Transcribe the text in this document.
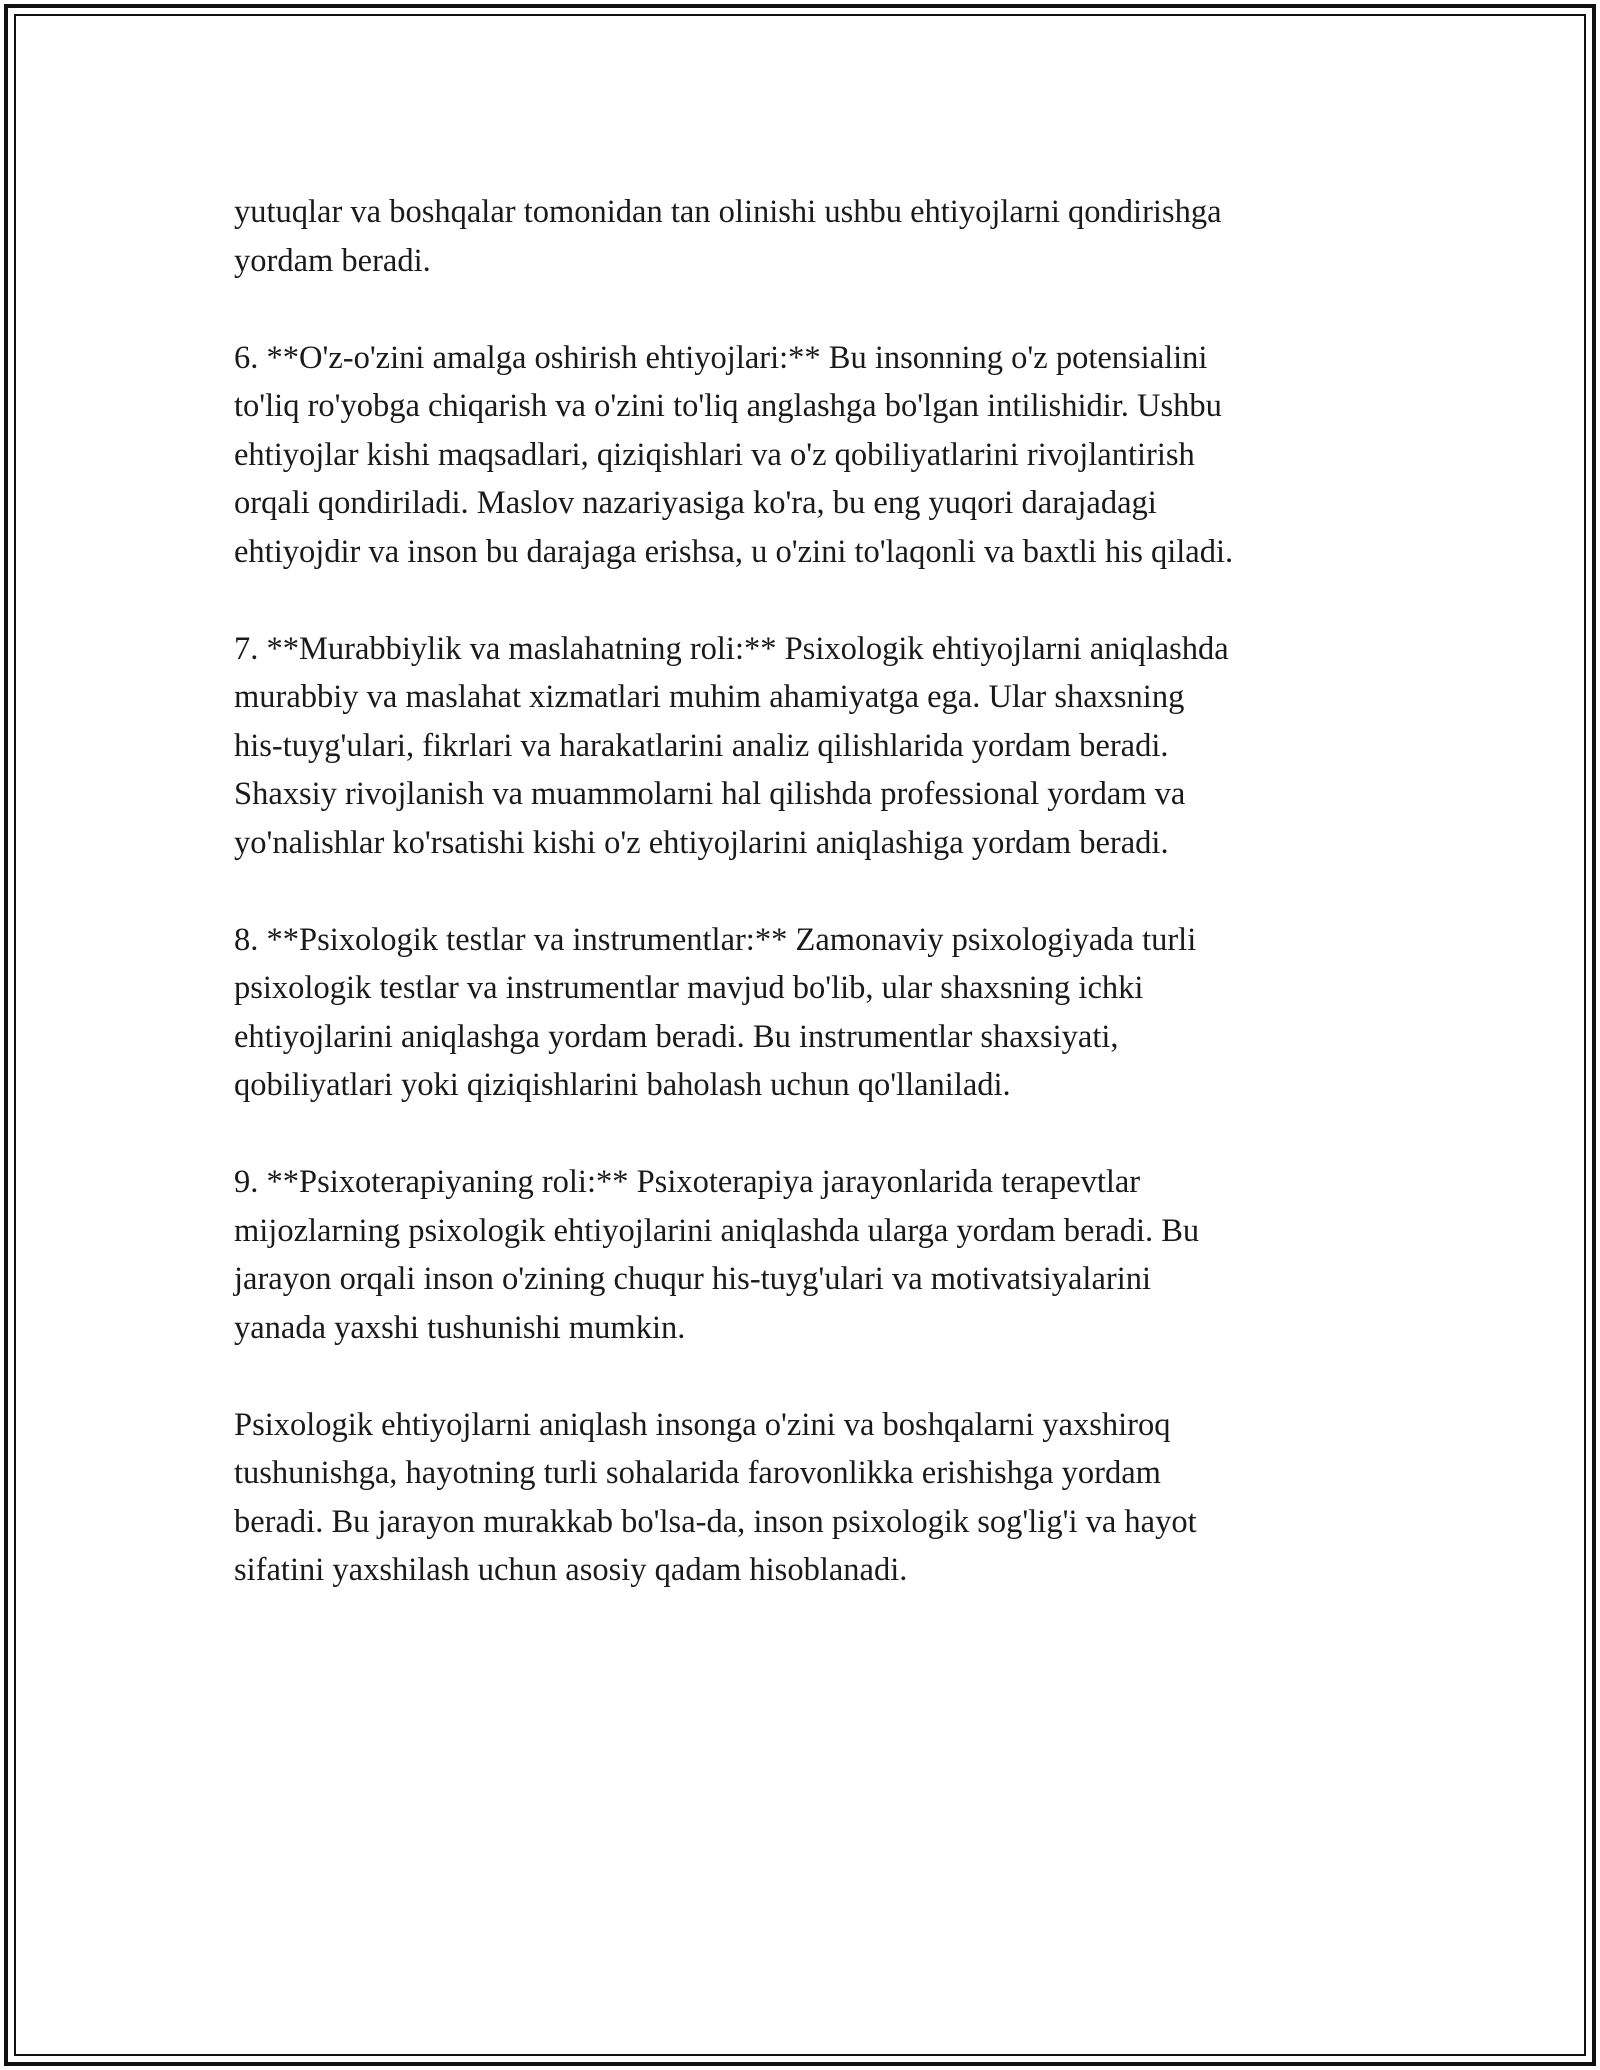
yutuqlar va boshqalar tomonidan tan olinishi ushbu ehtiyojlarni qondirishga
yordam beradi.

6. **O'z-o'zini amalga oshirish ehtiyojlari:** Bu insonning o'z potensialini
to'liq ro'yobga chiqarish va o'zini to'liq anglashga bo'lgan intilishidir. Ushbu
ehtiyojlar kishi maqsadlari, qiziqishlari va o'z qobiliyatlarini rivojlantirish
orqali qondiriladi. Maslov nazariyasiga ko'ra, bu eng yuqori darajadagi
ehtiyojdir va inson bu darajaga erishsa, u o'zini to'laqonli va baxtli his qiladi.

7. **Murabbiylik va maslahatning roli:** Psixologik ehtiyojlarni aniqlashda
murabbiy va maslahat xizmatlari muhim ahamiyatga ega. Ular shaxsning
his-tuyg'ulari, fikrlari va harakatlarini analiz qilishlarida yordam beradi.
Shaxsiy rivojlanish va muammolarni hal qilishda professional yordam va
yo'nalishlar ko'rsatishi kishi o'z ehtiyojlarini aniqlashiga yordam beradi.

8. **Psixologik testlar va instrumentlar:** Zamonaviy psixologiyada turli
psixologik testlar va instrumentlar mavjud bo'lib, ular shaxsning ichki
ehtiyojlarini aniqlashga yordam beradi. Bu instrumentlar shaxsiyati,
qobiliyatlari yoki qiziqishlarini baholash uchun qo'llaniladi.

9. **Psixoterapiyaning roli:** Psixoterapiya jarayonlarida terapevtlar
mijozlarning psixologik ehtiyojlarini aniqlashda ularga yordam beradi. Bu
jarayon orqali inson o'zining chuqur his-tuyg'ulari va motivatsiyalarini
yanada yaxshi tushunishi mumkin.

Psixologik ehtiyojlarni aniqlash insonga o'zini va boshqalarni yaxshiroq
tushunishga, hayotning turli sohalarida farovonlikka erishishga yordam
beradi. Bu jarayon murakkab bo'lsa-da, inson psixologik sog'lig'i va hayot
sifatini yaxshilash uchun asosiy qadam hisoblanadi.
